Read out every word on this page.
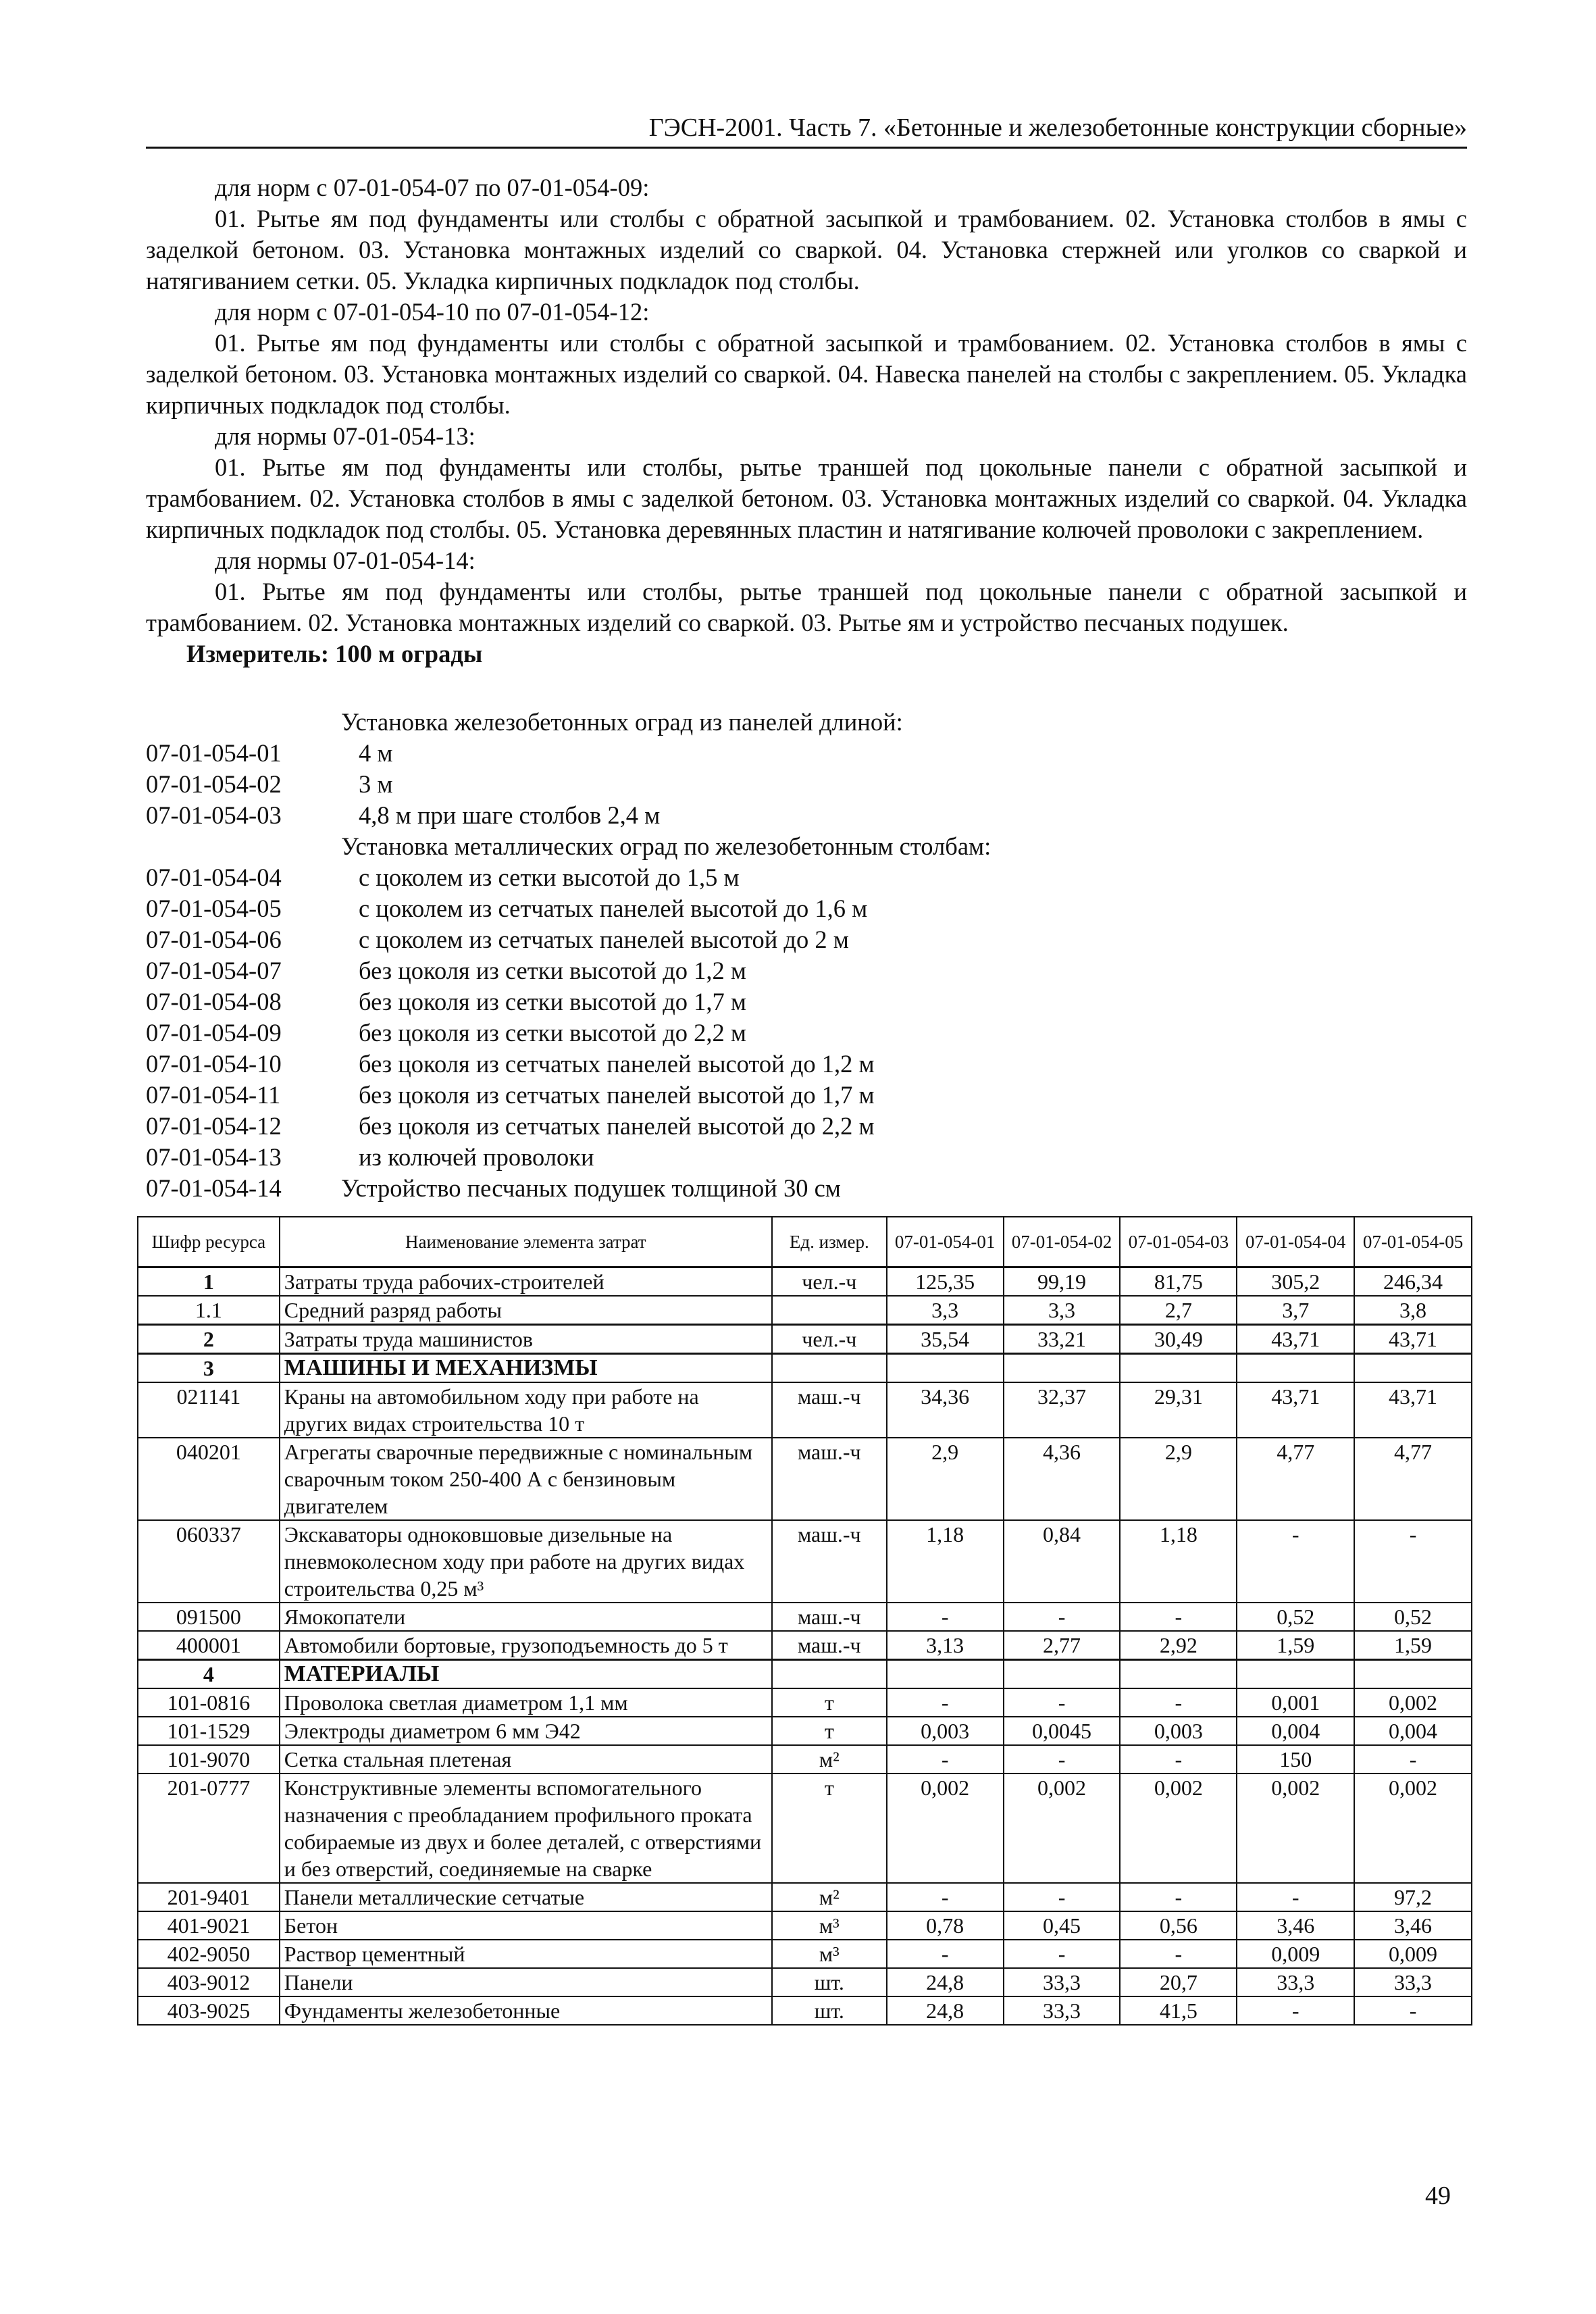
ГЭСН-2001. Часть 7. «Бетонные и железобетонные конструкции сборные»

для норм с 07-01-054-07 по 07-01-054-09:

01. Рытье ям под фундаменты или столбы с обратной засыпкой и трамбованием. 02. Установка столбов в ямы с заделкой бетоном. 03. Установка монтажных изделий со сваркой. 04. Установка стержней или уголков со сваркой и натягиванием сетки. 05. Укладка кирпичных подкладок под столбы.

для норм с 07-01-054-10 по 07-01-054-12:

01. Рытье ям под фундаменты или столбы с обратной засыпкой и трамбованием. 02. Установка столбов в ямы с заделкой бетоном. 03. Установка монтажных изделий со сваркой. 04. Навеска панелей на столбы с закреплением. 05. Укладка кирпичных подкладок под столбы.

для нормы 07-01-054-13:

01. Рытье ям под фундаменты или столбы, рытье траншей под цокольные панели с обратной засыпкой и трамбованием. 02. Установка столбов в ямы с заделкой бетоном. 03. Установка монтажных изделий со сваркой. 04. Укладка кирпичных подкладок под столбы. 05. Установка деревянных пластин и натягивание колючей проволоки с закреплением.

для нормы 07-01-054-14:

01. Рытье ям под фундаменты или столбы, рытье траншей под цокольные панели с обратной засыпкой и трамбованием. 02. Установка монтажных изделий со сваркой. 03. Рытье ям и устройство песчаных подушек.

Измеритель: 100 м ограды

Установка железобетонных оград из панелей длиной:
07-01-054-01	4 м
07-01-054-02	3 м
07-01-054-03	4,8 м при шаге столбов 2,4 м
Установка металлических оград по железобетонным столбам:
07-01-054-04	с цоколем из сетки высотой до 1,5 м
07-01-054-05	с цоколем из сетчатых панелей высотой до 1,6 м
07-01-054-06	с цоколем из сетчатых панелей высотой до 2 м
07-01-054-07	без цоколя из сетки высотой до 1,2 м
07-01-054-08	без цоколя из сетки высотой до 1,7 м
07-01-054-09	без цоколя из сетки высотой до 2,2 м
07-01-054-10	без цоколя из сетчатых панелей высотой до 1,2 м
07-01-054-11	без цоколя из сетчатых панелей высотой до 1,7 м
07-01-054-12	без цоколя из сетчатых панелей высотой до 2,2 м
07-01-054-13	из колючей проволоки
07-01-054-14	Устройство песчаных подушек толщиной 30 см
Шифр ресурса	Наименование элемента затрат	Ед. измер.	07-01-054-01	07-01-054-02	07-01-054-03	07-01-054-04	07-01-054-05
1	Затраты труда рабочих-строителей	чел.-ч	125,35	99,19	81,75	305,2	246,34
1.1	Средний разряд работы		3,3	3,3	2,7	3,7	3,8
2	Затраты труда машинистов	чел.-ч	35,54	33,21	30,49	43,71	43,71
3	МАШИНЫ И МЕХАНИЗМЫ						
021141	Краны на автомобильном ходу при работе на других видах строительства 10 т	маш.-ч	34,36	32,37	29,31	43,71	43,71
040201	Агрегаты сварочные передвижные с номинальным сварочным током 250-400 А с бензиновым двигателем	маш.-ч	2,9	4,36	2,9	4,77	4,77
060337	Экскаваторы одноковшовые дизельные на пневмоколесном ходу при работе на других видах строительства 0,25 м³	маш.-ч	1,18	0,84	1,18	-	-
091500	Ямокопатели	маш.-ч	-	-	-	0,52	0,52
400001	Автомобили бортовые, грузоподъемность до 5 т	маш.-ч	3,13	2,77	2,92	1,59	1,59
4	МАТЕРИАЛЫ						
101-0816	Проволока светлая диаметром 1,1 мм	т	-	-	-	0,001	0,002
101-1529	Электроды диаметром 6 мм Э42	т	0,003	0,0045	0,003	0,004	0,004
101-9070	Сетка стальная плетеная	м²	-	-	-	150	-
201-0777	Конструктивные элементы вспомогательного назначения с преобладанием профильного проката собираемые из двух и более деталей, с отверстиями и без отверстий, соединяемые на сварке	т	0,002	0,002	0,002	0,002	0,002
201-9401	Панели металлические сетчатые	м²	-	-	-	-	97,2
401-9021	Бетон	м³	0,78	0,45	0,56	3,46	3,46
402-9050	Раствор цементный	м³	-	-	-	0,009	0,009
403-9012	Панели	шт.	24,8	33,3	20,7	33,3	33,3
403-9025	Фундаменты железобетонные	шт.	24,8	33,3	41,5	-	-
49
